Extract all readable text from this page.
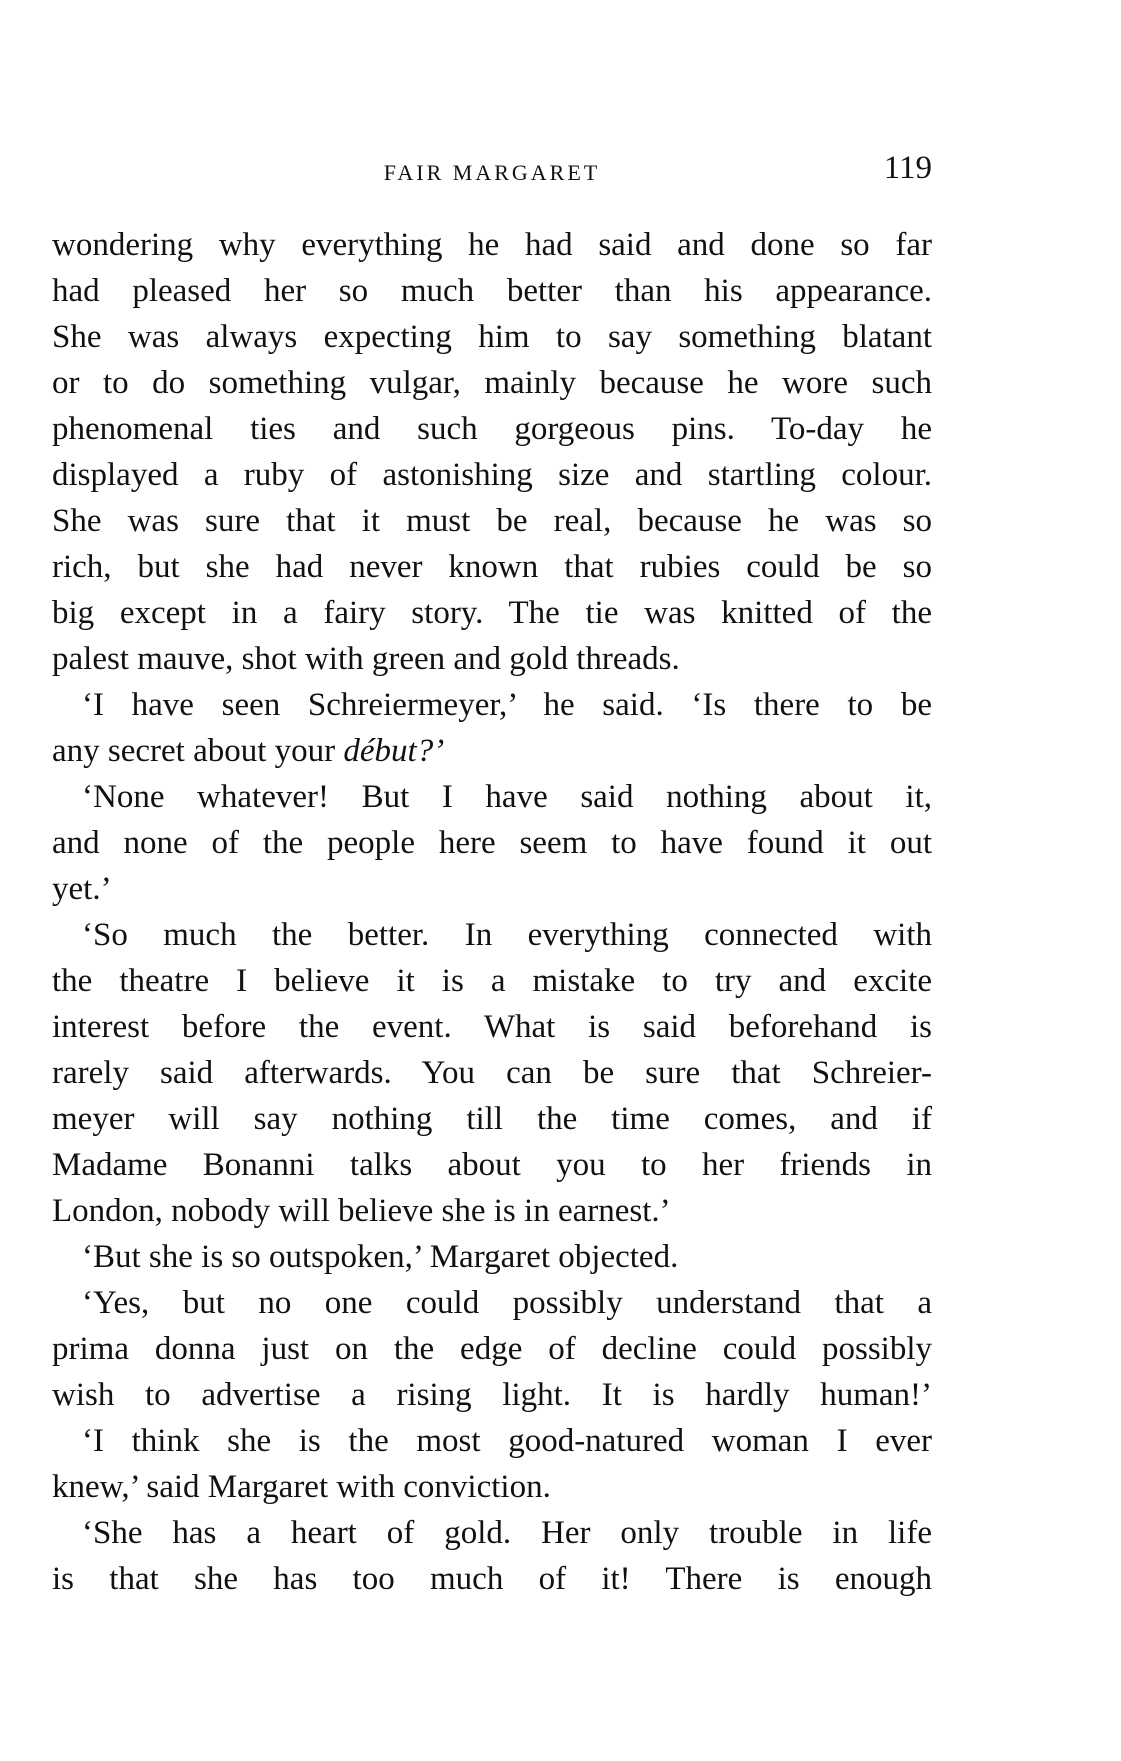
FAIR MARGARET	119
wondering why everything he had said and done so far
had pleased her so much better than his appearance.
She was always expecting him to say something blatant
or to do something vulgar, mainly because he wore such
phenomenal ties and such gorgeous pins. To-day he
displayed a ruby of astonishing size and startling colour.
She was sure that it must be real, because he was so
rich, but she had never known that rubies could be so
big except in a fairy story. The tie was knitted of the
palest mauve, shot with green and gold threads.
‘I have seen Schreiermeyer,’ he said. ‘Is there to be
any secret about your début?’
‘None whatever! But I have said nothing about it,
and none of the people here seem to have found it out
yet.’
‘So much the better. In everything connected with
the theatre I believe it is a mistake to try and excite
interest before the event. What is said beforehand is
rarely said afterwards. You can be sure that Schreier-
meyer will say nothing till the time comes, and if
Madame Bonanni talks about you to her friends in
London, nobody will believe she is in earnest.’
‘But she is so outspoken,’ Margaret objected.
‘Yes, but no one could possibly understand that a
prima donna just on the edge of decline could possibly
wish to advertise a rising light. It is hardly human!’
‘I think she is the most good-natured woman I ever
knew,’ said Margaret with conviction.
‘She has a heart of gold. Her only trouble in life
is that she has too much of it! There is enough
